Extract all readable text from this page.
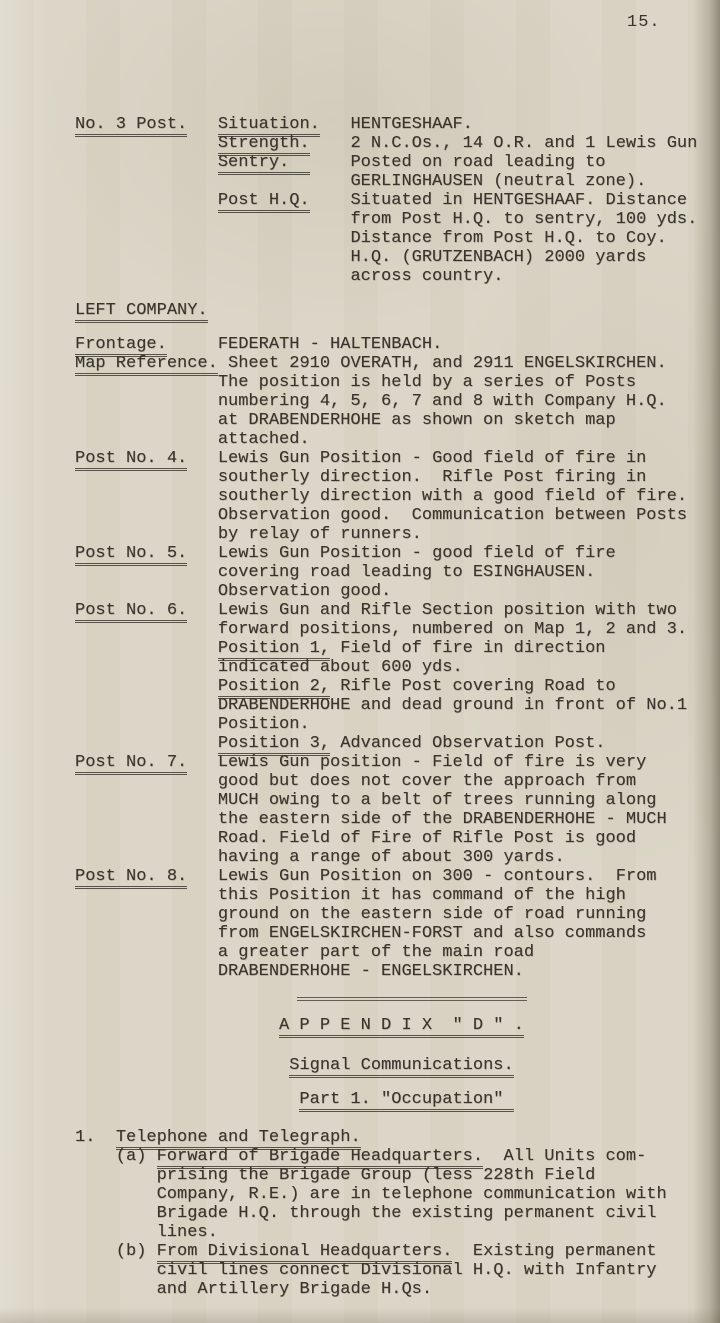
15.
No. 3 Post. Situation. HENTGESHAAF.
Strength. 2 N.C.Os., 14 O.R. and 1 Lewis Gun
Sentry.      Posted on road leading to
GERLINGHAUSEN (neutral zone).
Post H.Q. Situated in HENTGESHAAF. Distance
from Post H.Q. to sentry, 100 yds.
Distance from Post H.Q. to Coy.
H.Q. (GRUTZENBACH) 2000 yards
across country.
LEFT COMPANY.
Frontage.	FEDERATH - HALTENBACH.
Map Reference. Sheet 2910 OVERATH, and 2911 ENGELSKIRCHEN.
The position is held by a series of Posts
numbering 4, 5, 6, 7 and 8 with Company H.Q.
at DRABENDERHOHE as shown on sketch map
attached.
Post No. 4. Lewis Gun Position - Good field of fire in
southerly direction.  Rifle Post firing in
southerly direction with a good field of fire.
Observation good.  Communication between Posts
by relay of runners.
Post No. 5. Lewis Gun Position - good field of fire
covering road leading to ESINGHAUSEN.
Observation good.
Post No. 6. Lewis Gun and Rifle Section position with two
forward positions, numbered on Map 1, 2 and 3.
Position 1, Field of fire in direction
indicated about 600 yds.
Position 2, Rifle Post covering Road to
DRABENDERHOHE and dead ground in front of No.1
Position.
Position 3, Advanced Observation Post.
Post No. 7. Lewis Gun position - Field of fire is very
good but does not cover the approach from
MUCH owing to a belt of trees running along
the eastern side of the DRABENDERHOHE - MUCH
Road. Field of Fire of Rifle Post is good
having a range of about 300 yards.
Post No. 8. Lewis Gun Position on 300 - contours.  From
this Position it has command of the high
ground on the eastern side of road running
from ENGELSKIRCHEN-FORST and also commands
a greater part of the main road
DRABENDERHOHE - ENGELSKIRCHEN.
A P P E N D I X  " D " .
Signal Communications.
Part 1. "Occupation"
1. Telephone and Telegraph.
(a) Forward of Brigade Headquarters.  All Units com-
prising the Brigade Group (less 228th Field
Company, R.E.) are in telephone communication with
Brigade H.Q. through the existing permanent civil
lines.
(b) From Divisional Headquarters.  Existing permanent
civil lines connect Divisional H.Q. with Infantry
and Artillery Brigade H.Qs.
